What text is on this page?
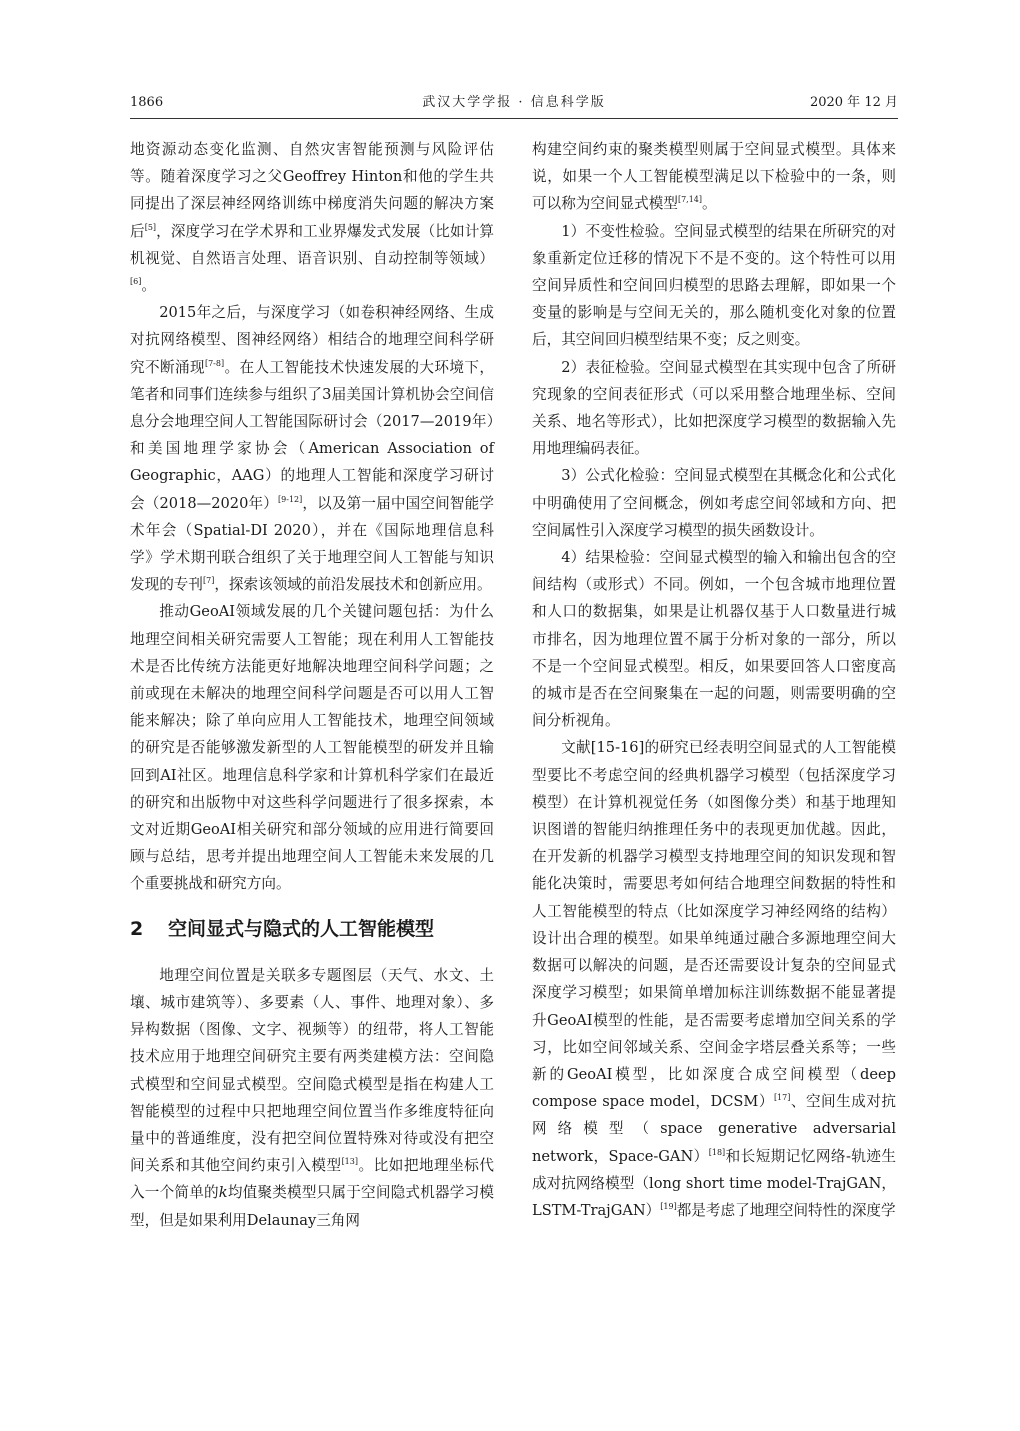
1866	武汉大学学报 · 信息科学版	2020 年 12 月

地资源动态变化监测、自然灾害智能预测与风险评估等。随着深度学习之父Geoffrey Hinton和他的学生共同提出了深层神经网络训练中梯度消失问题的解决方案后[5]，深度学习在学术界和工业界爆发式发展（比如计算机视觉、自然语言处理、语音识别、自动控制等领域）[6]。

2015年之后，与深度学习（如卷积神经网络、生成对抗网络模型、图神经网络）相结合的地理空间科学研究不断涌现[7-8]。在人工智能技术快速发展的大环境下，笔者和同事们连续参与组织了3届美国计算机协会空间信息分会地理空间人工智能国际研讨会（2017—2019年）和美国地理学家协会（American Association of Geographic，AAG）的地理人工智能和深度学习研讨会（2018—2020年）[9-12]，以及第一届中国空间智能学术年会（Spatial-DI 2020），并在《国际地理信息科学》学术期刊联合组织了关于地理空间人工智能与知识发现的专刊[7]，探索该领域的前沿发展技术和创新应用。

推动GeoAI领域发展的几个关键问题包括：为什么地理空间相关研究需要人工智能；现在利用人工智能技术是否比传统方法能更好地解决地理空间科学问题；之前或现在未解决的地理空间科学问题是否可以用人工智能来解决；除了单向应用人工智能技术，地理空间领域的研究是否能够激发新型的人工智能模型的研发并且输回到AI社区。地理信息科学家和计算机科学家们在最近的研究和出版物中对这些科学问题进行了很多探索，本文对近期GeoAI相关研究和部分领域的应用进行简要回顾与总结，思考并提出地理空间人工智能未来发展的几个重要挑战和研究方向。

2 空间显式与隐式的人工智能模型

地理空间位置是关联多专题图层（天气、水文、土壤、城市建筑等）、多要素（人、事件、地理对象）、多异构数据（图像、文字、视频等）的纽带，将人工智能技术应用于地理空间研究主要有两类建模方法：空间隐式模型和空间显式模型。空间隐式模型是指在构建人工智能模型的过程中只把地理空间位置当作多维度特征向量中的普通维度，没有把空间位置特殊对待或没有把空间关系和其他空间约束引入模型[13]。比如把地理坐标代入一个简单的k均值聚类模型只属于空间隐式机器学习模型，但是如果利用Delaunay三角网

构建空间约束的聚类模型则属于空间显式模型。具体来说，如果一个人工智能模型满足以下检验中的一条，则可以称为空间显式模型[7,14]。

1）不变性检验。空间显式模型的结果在所研究的对象重新定位迁移的情况下不是不变的。这个特性可以用空间异质性和空间回归模型的思路去理解，即如果一个变量的影响是与空间无关的，那么随机变化对象的位置后，其空间回归模型结果不变；反之则变。

2）表征检验。空间显式模型在其实现中包含了所研究现象的空间表征形式（可以采用整合地理坐标、空间关系、地名等形式），比如把深度学习模型的数据输入先用地理编码表征。

3）公式化检验：空间显式模型在其概念化和公式化中明确使用了空间概念，例如考虑空间邻域和方向、把空间属性引入深度学习模型的损失函数设计。

4）结果检验：空间显式模型的输入和输出包含的空间结构（或形式）不同。例如，一个包含城市地理位置和人口的数据集，如果是让机器仅基于人口数量进行城市排名，因为地理位置不属于分析对象的一部分，所以不是一个空间显式模型。相反，如果要回答人口密度高的城市是否在空间聚集在一起的问题，则需要明确的空间分析视角。

文献[15-16]的研究已经表明空间显式的人工智能模型要比不考虑空间的经典机器学习模型（包括深度学习模型）在计算机视觉任务（如图像分类）和基于地理知识图谱的智能归纳推理任务中的表现更加优越。因此，在开发新的机器学习模型支持地理空间的知识发现和智能化决策时，需要思考如何结合地理空间数据的特性和人工智能模型的特点（比如深度学习神经网络的结构）设计出合理的模型。如果单纯通过融合多源地理空间大数据可以解决的问题，是否还需要设计复杂的空间显式深度学习模型；如果简单增加标注训练数据不能显著提升GeoAI模型的性能，是否需要考虑增加空间关系的学习，比如空间邻域关系、空间金字塔层叠关系等；一些新的GeoAI模型，比如深度合成空间模型（deep compose space model，DCSM）[17]、空间生成对抗网络模型（space generative adversarial network，Space-GAN）[18]和长短期记忆网络-轨迹生成对抗网络模型（long short time model-TrajGAN，LSTM-TrajGAN）[19]都是考虑了地理空间特性的深度学
